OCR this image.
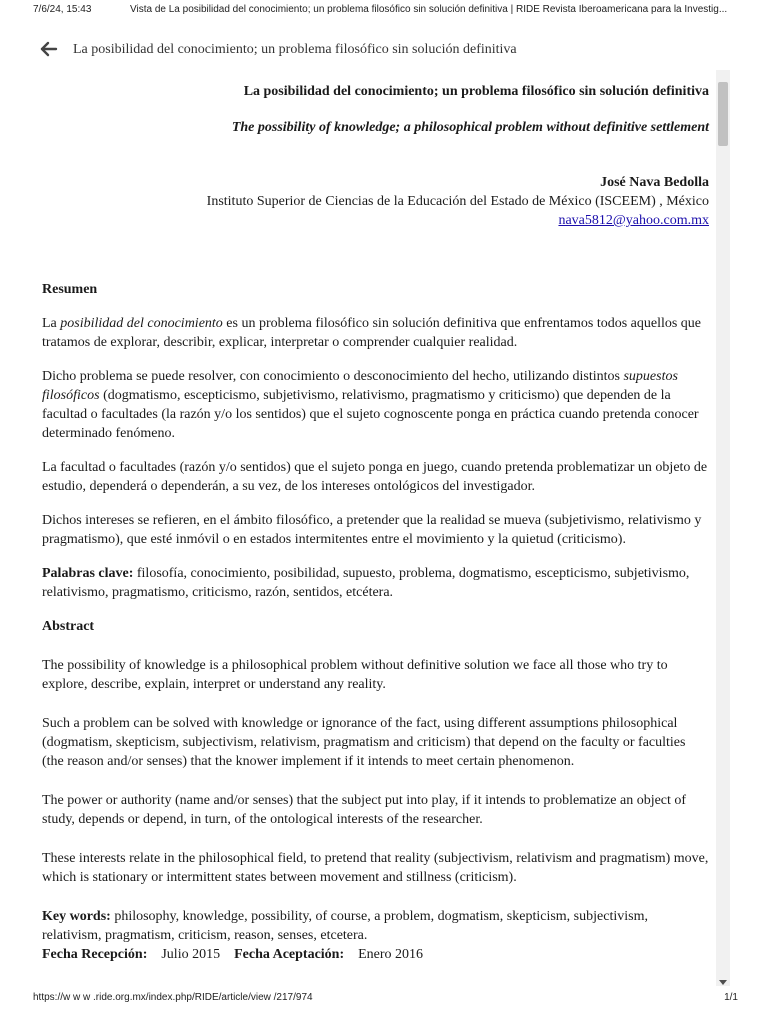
7/6/24, 15:43	Vista de La posibilidad del conocimiento; un problema filosófico sin solución definitiva | RIDE Revista Iberoamericana para la Investig...
La posibilidad del conocimiento; un problema filosófico sin solución definitiva
La posibilidad del conocimiento; un problema filosófico sin solución definitiva
The possibility of knowledge; a philosophical problem without definitive settlement
José Nava Bedolla
Instituto Superior de Ciencias de la Educación del Estado de México (ISCEEM) , México
nava5812@yahoo.com.mx
Resumen

La posibilidad del conocimiento es un problema filosófico sin solución definitiva que enfrentamos todos aquellos que tratamos de explorar, describir, explicar, interpretar o comprender cualquier realidad.

Dicho problema se puede resolver, con conocimiento o desconocimiento del hecho, utilizando distintos supuestos filosóficos (dogmatismo, escepticismo, subjetivismo, relativismo, pragmatismo y criticismo) que dependen de la facultad o facultades (la razón y/o los sentidos) que el sujeto cognoscente ponga en práctica cuando pretenda conocer determinado fenómeno.

La facultad o facultades (razón y/o sentidos) que el sujeto ponga en juego, cuando pretenda problematizar un objeto de estudio, dependerá o dependerán, a su vez, de los intereses ontológicos del investigador.

Dichos intereses se refieren, en el ámbito filosófico, a pretender que la realidad se mueva (subjetivismo, relativismo y pragmatismo), que esté inmóvil o en estados intermitentes entre el movimiento y la quietud (criticismo).

Palabras clave: filosofía, conocimiento, posibilidad, supuesto, problema, dogmatismo, escepticismo, subjetivismo, relativismo, pragmatismo, criticismo, razón, sentidos, etcétera.

Abstract

The possibility of knowledge is a philosophical problem without definitive solution we face all those who try to explore, describe, explain, interpret or understand any reality.

Such a problem can be solved with knowledge or ignorance of the fact, using different assumptions philosophical (dogmatism, skepticism, subjectivism, relativism, pragmatism and criticism) that depend on the faculty or faculties (the reason and/or senses) that the knower implement if it intends to meet certain phenomenon.

The power or authority (name and/or senses) that the subject put into play, if it intends to problematize an object of study, depends or depend, in turn, of the ontological interests of the researcher.

These interests relate in the philosophical field, to pretend that reality (subjectivism, relativism and pragmatism) move, which is stationary or intermittent states between movement and stillness (criticism).

Key words: philosophy, knowledge, possibility, of course, a problem, dogmatism, skepticism, subjectivism, relativism, pragmatism, criticism, reason, senses, etcetera.

Fecha Recepción: Julio 2015 Fecha Aceptación: Enero 2016

https://w w w .ride.org.mx/index.php/RIDE/article/view /217/974	1/1
